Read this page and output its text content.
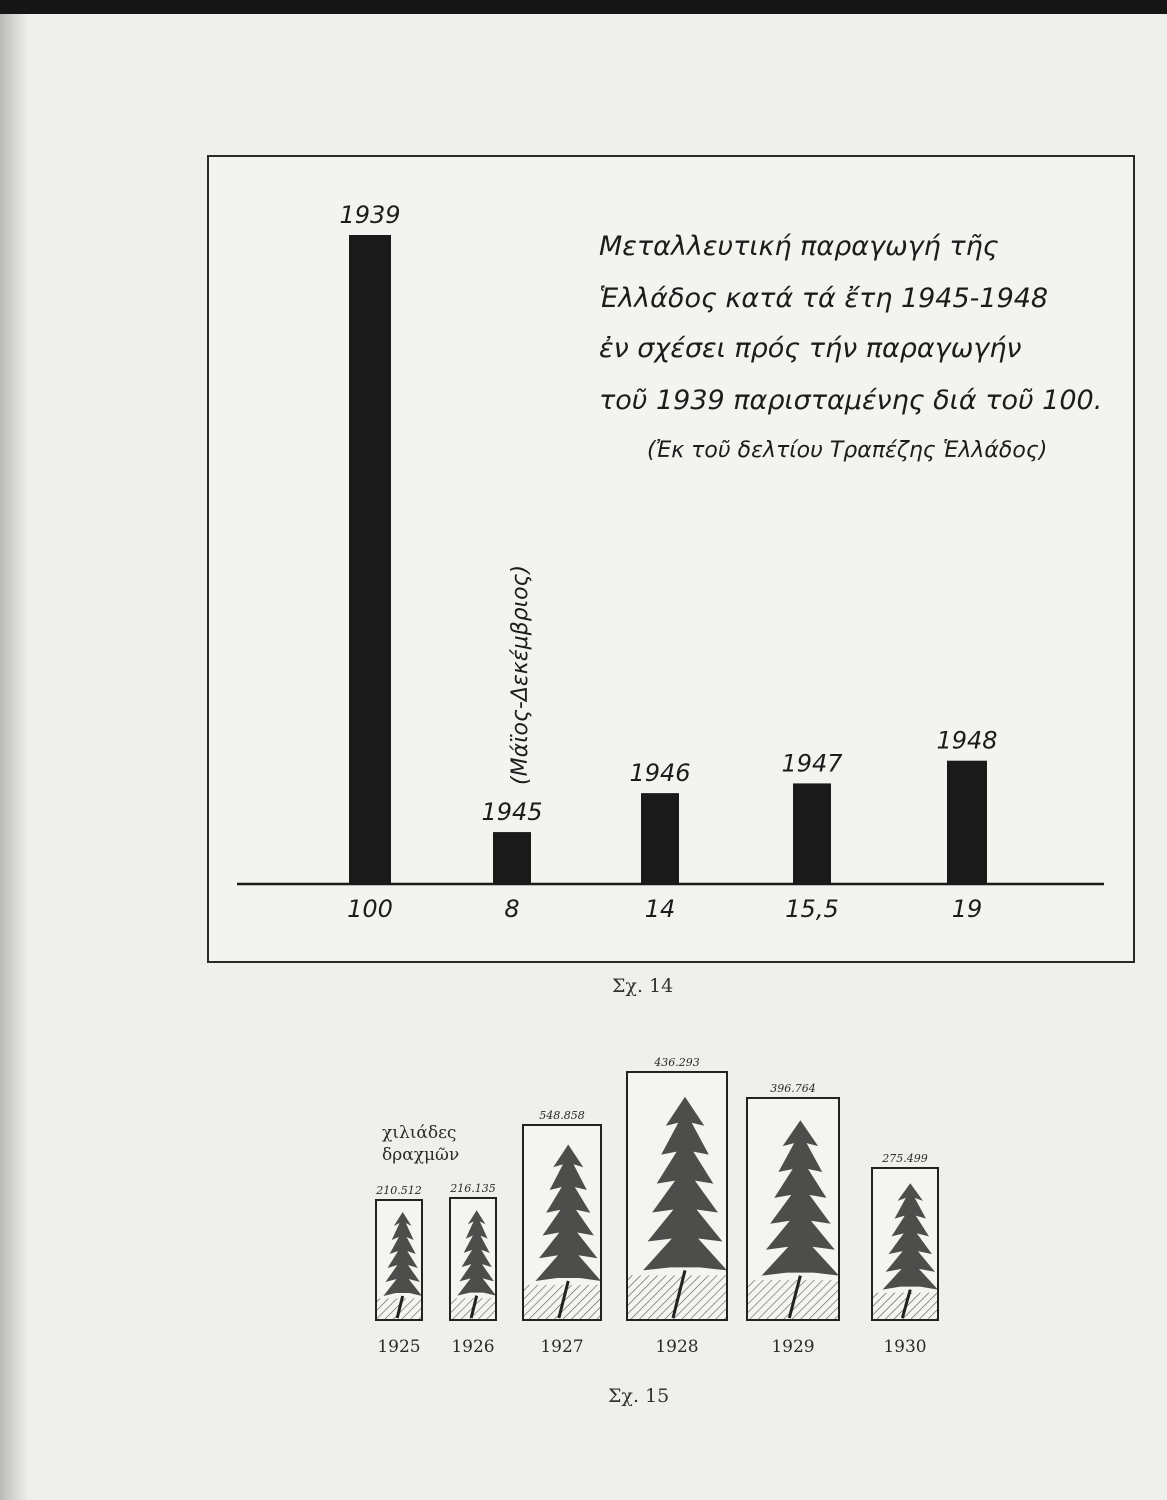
1939
1945
1946	1947
1948
100	8	14	15,5	19
(Μάϊος-Δεκέμβριος)
Μεταλλευτική παραγωγή τῆς
Ἑλλάδος κατά τά ἔτη 1945-1948
ἐν σχέσει πρός τήν παραγωγήν
τοῦ 1939 παρισταμένης διά τοῦ 100.
(Ἐκ τοῦ δελτίου Τραπέζης Ἑλλάδος)
Σχ. 14
χιλιάδες
δραχμῶν
210.512
1925
216.135
1926
548.858
1927
436.293
1928
396.764
1929
275.499
1930
Σχ. 15
